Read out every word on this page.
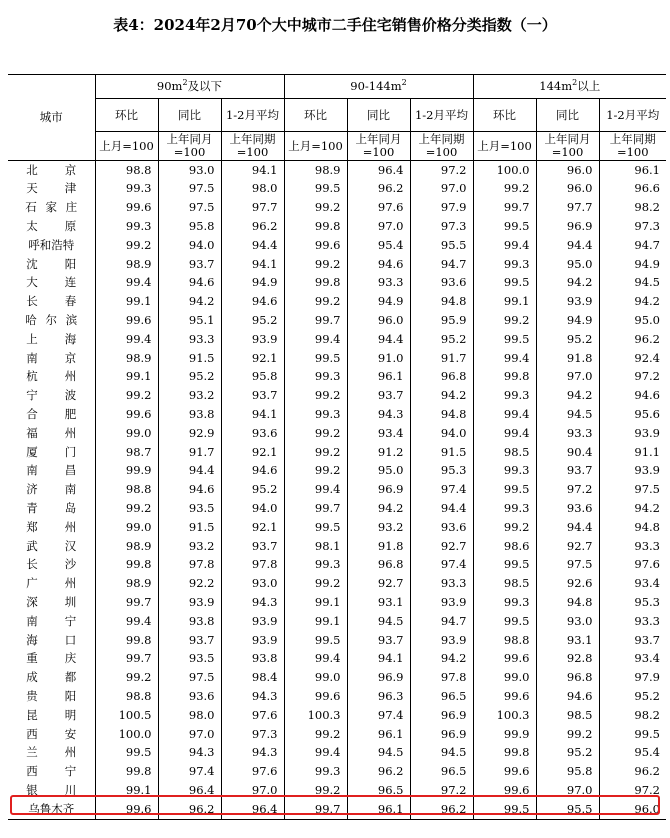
表4：2024年2月70个大中城市二手住宅销售价格分类指数（一）
城市	$90m^2$及以下			$90-144m^2$			$144m^2$以上		
	环比	同比	1-2月平均	环比	同比	1-2月平均	环比	同比	1-2月平均
	上月=100	上年同月=100	上年同期=100	上月=100	上年同月=100	上年同期=100	上月=100	上年同月=100	上年同期=100

北 京	98.8	93.0	94.1	98.9	96.4	97.2	100.0	96.0	96.1

天 津	99.3	97.5	98.0	99.5	96.2	97.0	99.2	96.0	96.6

石 家 庄	99.6	97.5	97.7	99.2	97.6	97.9	99.7	97.7	98.2

太 原	99.3	95.8	96.2	99.8	97.0	97.3	99.5	96.9	97.3

呼 和 浩 特	99.2	94.0	94.4	99.6	95.4	95.5	99.4	94.4	94.7

沈 阳	98.9	93.7	94.1	99.2	94.6	94.7	99.3	95.0	94.9

大 连	99.4	94.6	94.9	99.8	93.3	93.6	99.5	94.2	94.5

长 春	99.1	94.2	94.6	99.2	94.9	94.8	99.1	93.9	94.2

哈 尔 滨	99.6	95.1	95.2	99.7	96.0	95.9	99.2	94.9	95.0

上 海	99.4	93.3	93.9	99.4	94.4	95.2	99.5	95.2	96.2

南 京	98.9	91.5	92.1	99.5	91.0	91.7	99.4	91.8	92.4

杭 州	99.1	95.2	95.8	99.3	96.1	96.8	99.8	97.0	97.2

宁 波	99.2	93.2	93.7	99.2	93.7	94.2	99.3	94.2	94.6

合 肥	99.6	93.8	94.1	99.3	94.3	94.8	99.4	94.5	95.6

福 州	99.0	92.9	93.6	99.2	93.4	94.0	99.4	93.3	93.9

厦 门	98.7	91.7	92.1	99.2	91.2	91.5	98.5	90.4	91.1

南 昌	99.9	94.4	94.6	99.2	95.0	95.3	99.3	93.7	93.9

济 南	98.8	94.6	95.2	99.4	96.9	97.4	99.5	97.2	97.5

青 岛	99.2	93.5	94.0	99.7	94.2	94.4	99.3	93.6	94.2

郑 州	99.0	91.5	92.1	99.5	93.2	93.6	99.2	94.4	94.8

武 汉	98.9	93.2	93.7	98.1	91.8	92.7	98.6	92.7	93.3

长 沙	99.8	97.8	97.8	99.3	96.8	97.4	99.5	97.5	97.6

广 州	98.9	92.2	93.0	99.2	92.7	93.3	98.5	92.6	93.4

深 圳	99.7	93.9	94.3	99.1	93.1	93.9	99.3	94.8	95.3

南 宁	99.4	93.8	93.9	99.1	94.5	94.7	99.5	93.0	93.3

海 口	99.8	93.7	93.9	99.5	93.7	93.9	98.8	93.1	93.7

重 庆	99.7	93.5	93.8	99.4	94.1	94.2	99.6	92.8	93.4

成 都	99.2	97.5	98.4	99.0	96.9	97.8	99.0	96.8	97.9

贵 阳	98.8	93.6	94.3	99.6	96.3	96.5	99.6	94.6	95.2

昆 明	100.5	98.0	97.6	100.3	97.4	96.9	100.3	98.5	98.2

西 安	100.0	97.0	97.3	99.2	96.1	96.9	99.9	99.2	99.5

兰 州	99.5	94.3	94.3	99.4	94.5	94.5	99.8	95.2	95.4

西 宁	99.8	97.4	97.6	99.3	96.2	96.5	99.6	95.8	96.2

银 川	99.1	96.4	97.0	99.2	96.5	97.2	99.6	97.0	97.2

乌 鲁 木 齐	99.6	96.2	96.4	99.7	96.1	96.2	99.5	95.5	96.0
